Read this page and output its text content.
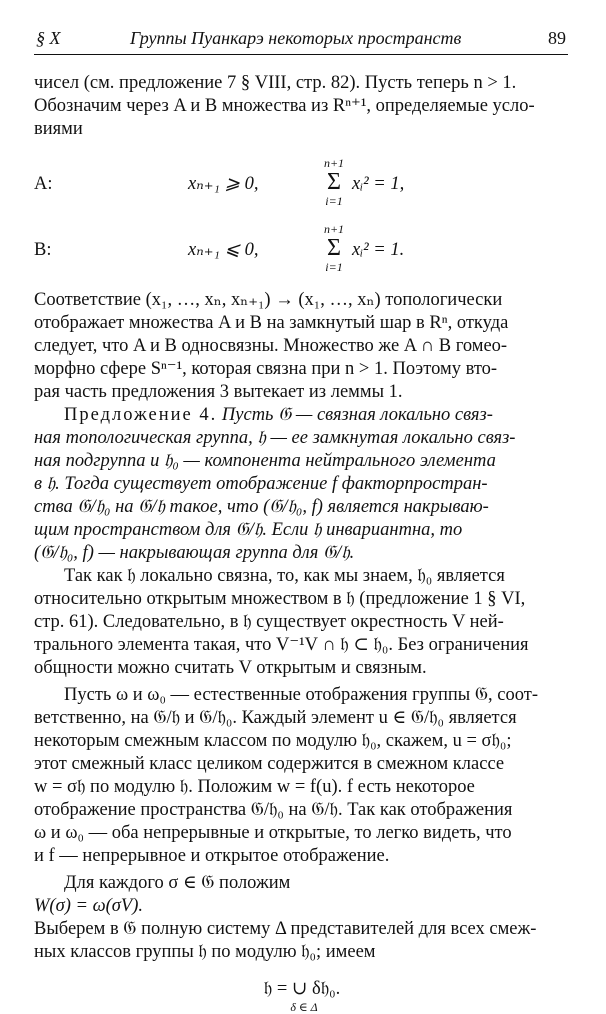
§ X	Группы Пуанкарэ некоторых пространств	89

чисел (см. предложение 7 § VIII, стр. 82). Пусть теперь n > 1.

Обозначим через A и B множества из Rⁿ⁺¹, определяемые усло-

виями

A:	xₙ₊₁ ⩾ 0,
n+1
Σ
i=1
xᵢ² = 1,
B:	xₙ₊₁ ⩽ 0,
n+1
Σ
i=1
xᵢ² = 1.

Соответствие (x₁, …, xₙ, xₙ₊₁) → (x₁, …, xₙ) топологически

отображает множества A и B на замкнутый шар в Rⁿ, откуда

следует, что A и B односвязны. Множество же A ∩ B гомео-

морфно сфере Sⁿ⁻¹, которая связна при n > 1. Поэтому вто-

рая часть предложения 3 вытекает из леммы 1.

Предложение 4. Пусть 𝔊 — связная локально связ-

ная топологическая группа, 𝔥 — ее замкнутая локально связ-

ная подгруппа и 𝔥₀ — компонента нейтрального элемента

в 𝔥. Тогда существует отображение f факторпростран-

ства 𝔊/𝔥₀ на 𝔊/𝔥 такое, что (𝔊/𝔥₀, f) является накрываю-

щим пространством для 𝔊/𝔥. Если 𝔥 инвариантна, то

(𝔊/𝔥₀, f) — накрывающая группа для 𝔊/𝔥.

Так как 𝔥 локально связна, то, как мы знаем, 𝔥₀ является

относительно открытым множеством в 𝔥 (предложение 1 § VI,

стр. 61). Следовательно, в 𝔥 существует окрестность V ней-

трального элемента такая, что V⁻¹V ∩ 𝔥 ⊂ 𝔥₀. Без ограничения

общности можно считать V открытым и связным.

Пусть ω и ω₀ — естественные отображения группы 𝔊, соот-

ветственно, на 𝔊/𝔥 и 𝔊/𝔥₀. Каждый элемент u ∈ 𝔊/𝔥₀ является

некоторым смежным классом по модулю 𝔥₀, скажем, u = σ𝔥₀;

этот смежный класс целиком содержится в смежном классе

w = σ𝔥 по модулю 𝔥. Положим w = f(u). f есть некоторое

отображение пространства 𝔊/𝔥₀ на 𝔊/𝔥. Так как отображения

ω и ω₀ — оба непрерывные и открытые, то легко видеть, что

и f — непрерывное и открытое отображение.

Для каждого σ ∈ 𝔊 положим

W(σ) = ω(σV).

Выберем в 𝔊 полную систему Δ представителей для всех смеж-

ных классов группы 𝔥 по модулю 𝔥₀; имеем

𝔥 = ∪ δ𝔥₀.
δ ∈ Δ
